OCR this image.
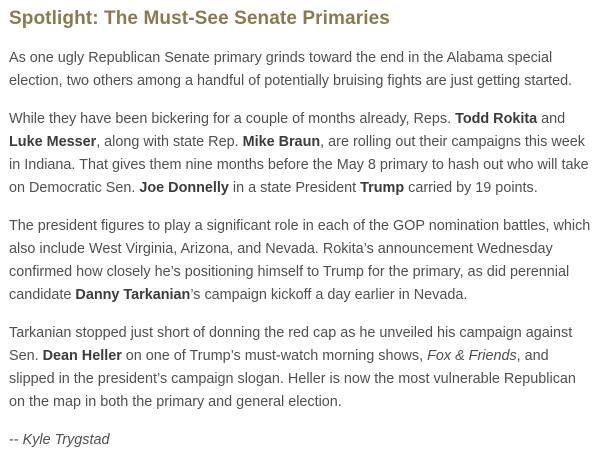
Spotlight: The Must-See Senate Primaries

As one ugly Republican Senate primary grinds toward the end in the Alabama special election, two others among a handful of potentially bruising fights are just getting started.

While they have been bickering for a couple of months already, Reps. Todd Rokita and Luke Messer, along with state Rep. Mike Braun, are rolling out their campaigns this week in Indiana. That gives them nine months before the May 8 primary to hash out who will take on Democratic Sen. Joe Donnelly in a state President Trump carried by 19 points.

The president figures to play a significant role in each of the GOP nomination battles, which also include West Virginia, Arizona, and Nevada. Rokita’s announcement Wednesday confirmed how closely he’s positioning himself to Trump for the primary, as did perennial candidate Danny Tarkanian’s campaign kickoff a day earlier in Nevada.

Tarkanian stopped just short of donning the red cap as he unveiled his campaign against Sen. Dean Heller on one of Trump’s must-watch morning shows, Fox & Friends, and slipped in the president’s campaign slogan. Heller is now the most vulnerable Republican on the map in both the primary and general election.

-- Kyle Trygstad
